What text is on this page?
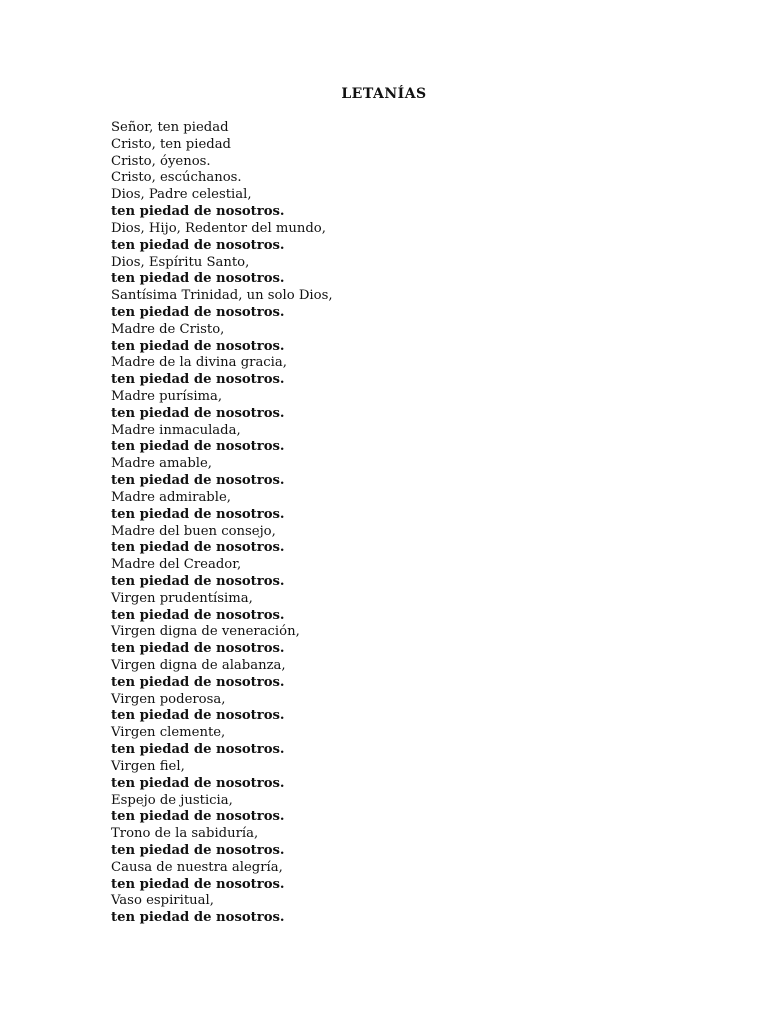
LETANÍAS
Señor, ten piedad
Cristo, ten piedad
Cristo, óyenos.
Cristo, escúchanos.
Dios, Padre celestial,
ten piedad de nosotros.
Dios, Hijo, Redentor del mundo,
ten piedad de nosotros.
Dios, Espíritu Santo,
ten piedad de nosotros.
Santísima Trinidad, un solo Dios,
ten piedad de nosotros.
Madre de Cristo,
ten piedad de nosotros.
Madre de la divina gracia,
ten piedad de nosotros.
Madre purísima,
ten piedad de nosotros.
Madre inmaculada,
ten piedad de nosotros.
Madre amable,
ten piedad de nosotros.
Madre admirable,
ten piedad de nosotros.
Madre del buen consejo,
ten piedad de nosotros.
Madre del Creador,
ten piedad de nosotros.
Virgen prudentísima,
ten piedad de nosotros.
Virgen digna de veneración,
ten piedad de nosotros.
Virgen digna de alabanza,
ten piedad de nosotros.
Virgen poderosa,
ten piedad de nosotros.
Virgen clemente,
ten piedad de nosotros.
Virgen fiel,
ten piedad de nosotros.
Espejo de justicia,
ten piedad de nosotros.
Trono de la sabiduría,
ten piedad de nosotros.
Causa de nuestra alegría,
ten piedad de nosotros.
Vaso espiritual,
ten piedad de nosotros.
